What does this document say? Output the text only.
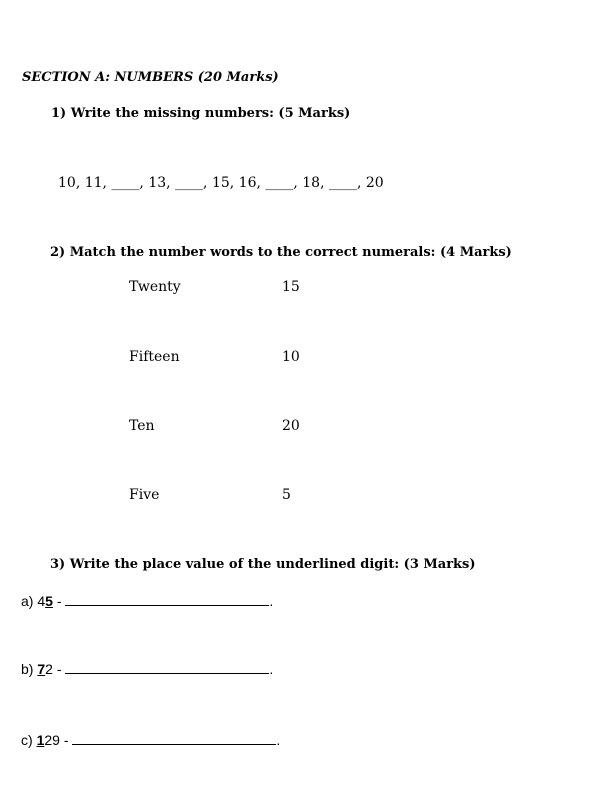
SECTION A: NUMBERS (20 Marks)
1) Write the missing numbers: (5 Marks)
10, 11, ____, 13, ____, 15, 16, ____, 18, ____, 20
2) Match the number words to the correct numerals: (4 Marks)
Twenty	15
Fifteen	10
Ten	20
Five	5
3) Write the place value of the underlined digit: (3 Marks)
a) 45 -	.
b) 72 -	.
c) 129 -	.
